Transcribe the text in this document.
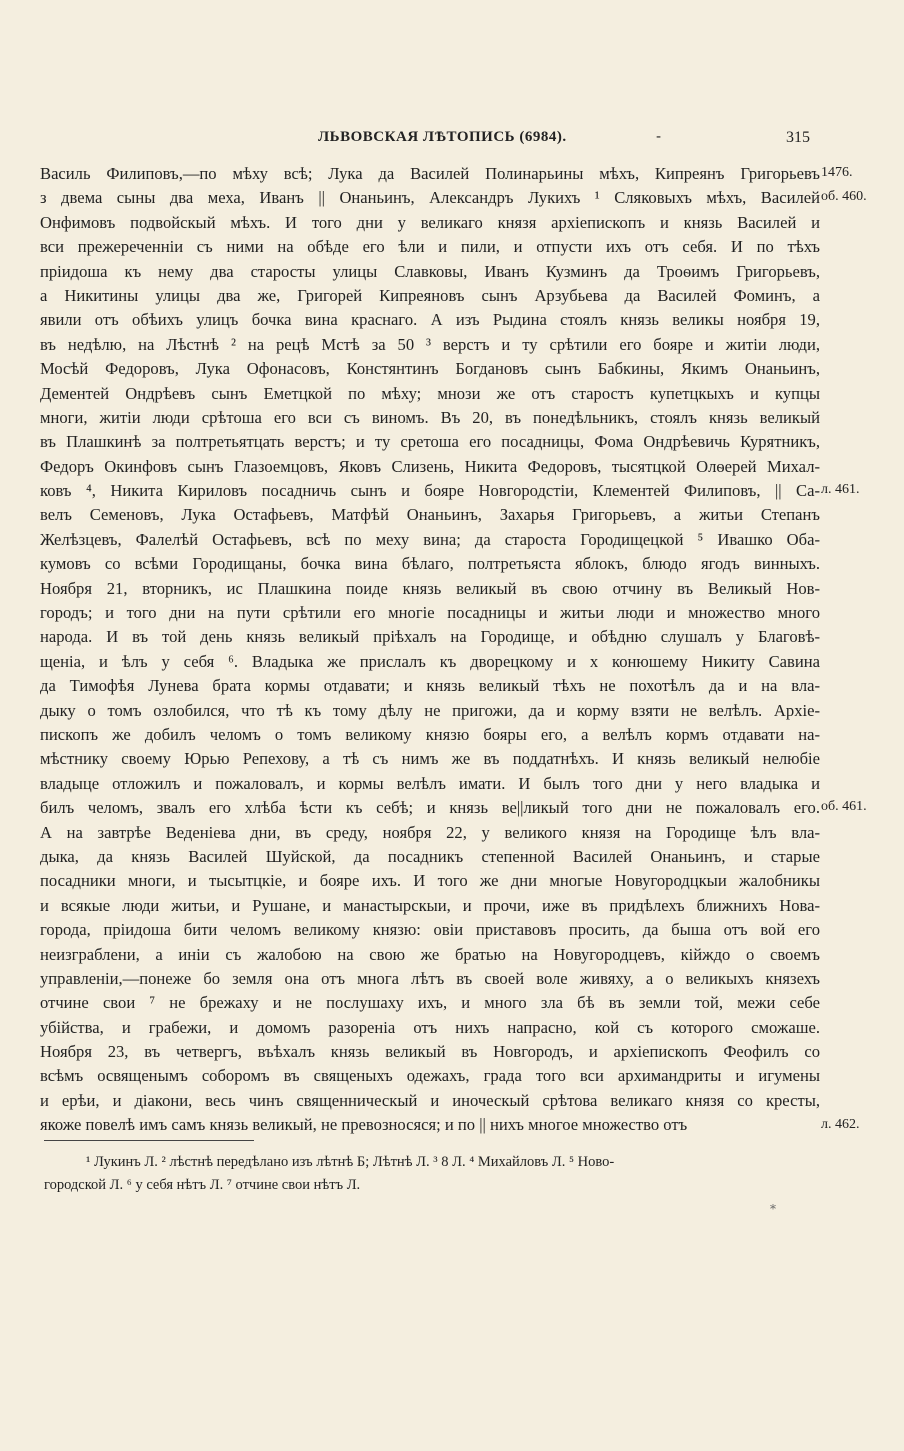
ЛЬВОВСКАЯ ЛѢТОПИСЬ (6984).	-	315
Василь Филиповъ,—по мѣху всѣ; Лука да Василей Полинарьины мѣхъ, Кипреянъ Григорьевъ
з двема сыны два меха, Иванъ || Онаньинъ, Александръ Лукихъ ¹ Сляковыхъ мѣхъ, Василей
Онфимовъ подвойскый мѣхъ. И того дни у великаго князя архіепископъ и князь Василей и
вси прежереченніи съ ними на обѣде его ѣли и пили, и отпусти ихъ отъ себя. И по тѣхъ
пріидоша къ нему два старосты улицы Славковы, Иванъ Кузминъ да Троѳимъ Григорьевъ,
а Никитины улицы два же, Григорей Кипреяновъ сынъ Арзубьева да Василей Фоминъ, а
явили отъ обѣихъ улицъ бочка вина краснаго. А изъ Рыдина стоялъ князь великы ноября 19,
въ недѣлю, на Лѣстнѣ ² на рецѣ Мстѣ за 50 ³ верстъ и ту срѣтили его бояре и житіи люди,
Мосѣй Федоровъ, Лука Офонасовъ, Констянтинъ Богдановъ сынъ Бабкины, Якимъ Онаньинъ,
Дементей Ондрѣевъ сынъ Еметцкой по мѣху; мнози же отъ старостъ купетцкыхъ и купцы
многи, житіи люди срѣтоша его вси съ виномъ. Въ 20, въ понедѣльникъ, стоялъ князь великый
въ Плашкинѣ за полтретьятцать верстъ; и ту сретоша его посадницы, Фома Ондрѣевичь Курятникъ,
Федоръ Окинфовъ сынъ Глазоемцовъ, Яковъ Слизень, Никита Федоровъ, тысятцкой Олѳерей Михал-
ковъ ⁴, Никита Кириловъ посадничь сынъ и бояре Новгородстіи, Клементей Филиповъ, || Са-
велъ Семеновъ, Лука Остафьевъ, Матфѣй Онаньинъ, Захарья Григорьевъ, а житьи Степанъ
Желѣзцевъ, Фалелѣй Остафьевъ, всѣ по меху вина; да староста Городищецкой ⁵ Ивашко Оба-
кумовъ со всѣми Городищаны, бочка вина бѣлаго, полтретьяста яблокъ, блюдо ягодъ винныхъ.
Ноября 21, вторникъ, ис Плашкина поиде князь великый въ свою отчину въ Великый Нов-
городъ; и того дни на пути срѣтили его многіе посадницы и житьи люди и множество много
народа. И въ той день князь великый пріѣхалъ на Городище, и обѣдню слушалъ у Благовѣ-
щеніа, и ѣлъ у себя ⁶. Владыка же прислалъ къ дворецкому и х конюшему Никиту Савина
да Тимофѣя Лунева брата кормы отдавати; и князь великый тѣхъ не похотѣлъ да и на вла-
дыку о томъ озлобился, что тѣ къ тому дѣлу не пригожи, да и корму взяти не велѣлъ. Архіе-
пископъ же добилъ челомъ о томъ великому князю бояры его, а велѣлъ кормъ отдавати на-
мѣстнику своему Юрью Репехову, а тѣ съ нимъ же въ поддатнѣхъ. И князь великый нелюбіе
владыце отложилъ и пожаловалъ, и кормы велѣлъ имати. И былъ того дни у него владыка и
билъ челомъ, звалъ его хлѣба ѣсти къ себѣ; и князь ве||ликый того дни не пожаловалъ его.
А на завтрѣе Веденіева дни, въ среду, ноября 22, у великого князя на Городище ѣлъ вла-
дыка, да князь Василей Шуйской, да посадникъ степенной Василей Онаньинъ, и старые
посадники многи, и тысытцкіе, и бояре ихъ. И того же дни многые Новугородцкыи жалобникы
и всякые люди житьи, и Рушане, и манастырскыи, и прочи, иже въ придѣлехъ ближнихъ Нова-
города, пріидоша бити челомъ великому князю: овіи приставовъ просить, да быша отъ вой его
неизграблени, а иніи съ жалобою на свою же братью на Новугородцевъ, кійждо о своемъ
управленіи,—понеже бо земля она отъ многа лѣтъ въ своей воле живяху, а о великыхъ князехъ
отчине свои ⁷ не брежаху и не послушаху ихъ, и много зла бѣ въ земли той, межи себе
убійства, и грабежи, и домомъ разореніа отъ нихъ напрасно, кой съ которого сможаше.
Ноября 23, въ четвергъ, въѣхалъ князь великый въ Новгородъ, и архіепископъ Феофилъ со
всѣмъ освященымъ соборомъ въ священыхъ одежахъ, града того вси архимандриты и игумены
и ерѣи, и діакони, весь чинъ священническый и иноческый срѣтова великаго князя со кресты,
якоже повелѣ имъ самъ князь великый, не превозносяся; и по || нихъ многое множество отъ
1476.
об. 460.
л. 461.
об. 461.
л. 462.
¹ Лукинъ Л. ² лѣстнѣ передѣлано изъ лѣтнѣ Б; Лѣтнѣ Л. ³ 8 Л. ⁴ Михайловъ Л. ⁵ Ново-
городской Л. ⁶ у себя нѣтъ Л. ⁷ отчине свои нѣтъ Л.
*
